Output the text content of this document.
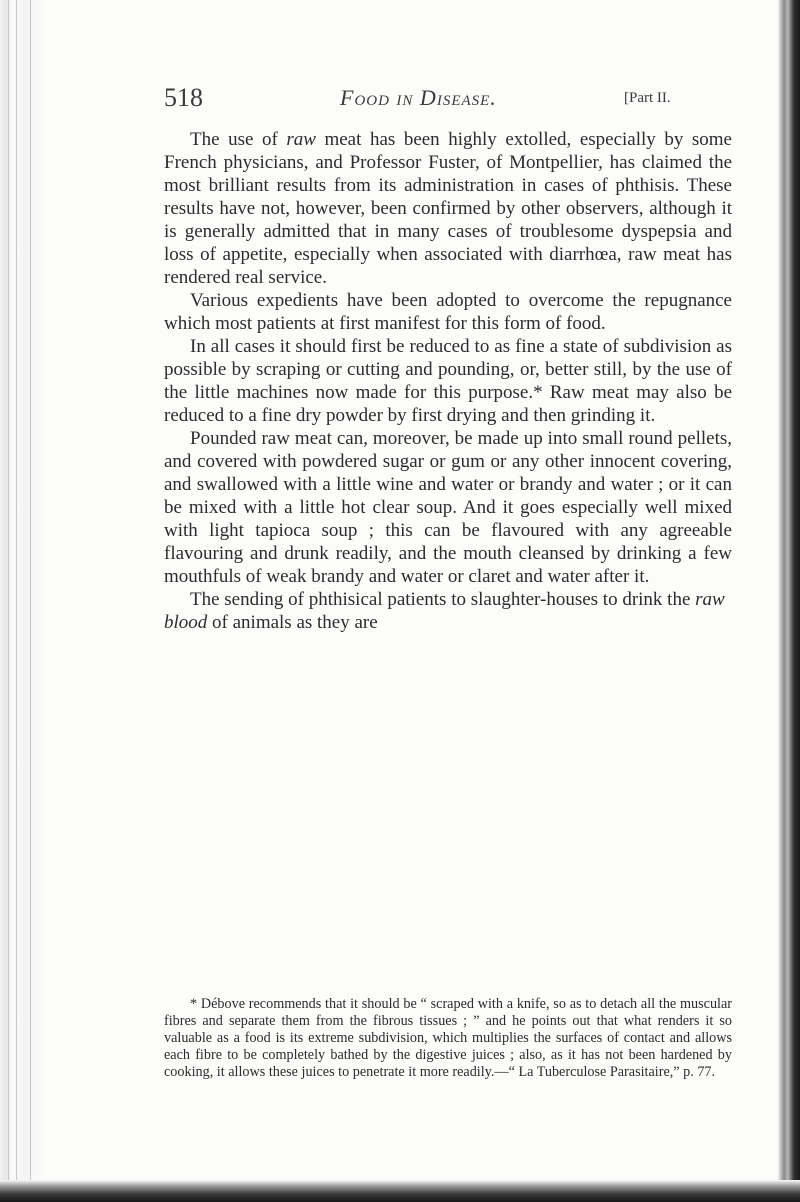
518	Food in Disease.	[Part II.

The use of raw meat has been highly extolled, especially by some French physicians, and Professor Fuster, of Montpellier, has claimed the most brilliant results from its administration in cases of phthisis. These results have not, however, been confirmed by other observers, although it is generally admitted that in many cases of troublesome dyspepsia and loss of appetite, especially when associated with diarrhœa, raw meat has rendered real service.

Various expedients have been adopted to overcome the repugnance which most patients at first manifest for this form of food.

In all cases it should first be reduced to as fine a state of subdivision as possible by scraping or cutting and pounding, or, better still, by the use of the little machines now made for this purpose.* Raw meat may also be reduced to a fine dry powder by first drying and then grinding it.

Pounded raw meat can, moreover, be made up into small round pellets, and covered with powdered sugar or gum or any other innocent covering, and swallowed with a little wine and water or brandy and water ; or it can be mixed with a little hot clear soup. And it goes especially well mixed with light tapioca soup ; this can be flavoured with any agreeable flavouring and drunk readily, and the mouth cleansed by drinking a few mouthfuls of weak brandy and water or claret and water after it.

The sending of phthisical patients to slaughter-houses to drink the raw blood of animals as they are

* Débove recommends that it should be “ scraped with a knife, so as to detach all the muscular fibres and separate them from the fibrous tissues ; ” and he points out that what renders it so valuable as a food is its extreme subdivision, which multiplies the surfaces of contact and allows each fibre to be completely bathed by the digestive juices ; also, as it has not been hardened by cooking, it allows these juices to penetrate it more readily.—“ La Tuberculose Parasitaire,” p. 77.
